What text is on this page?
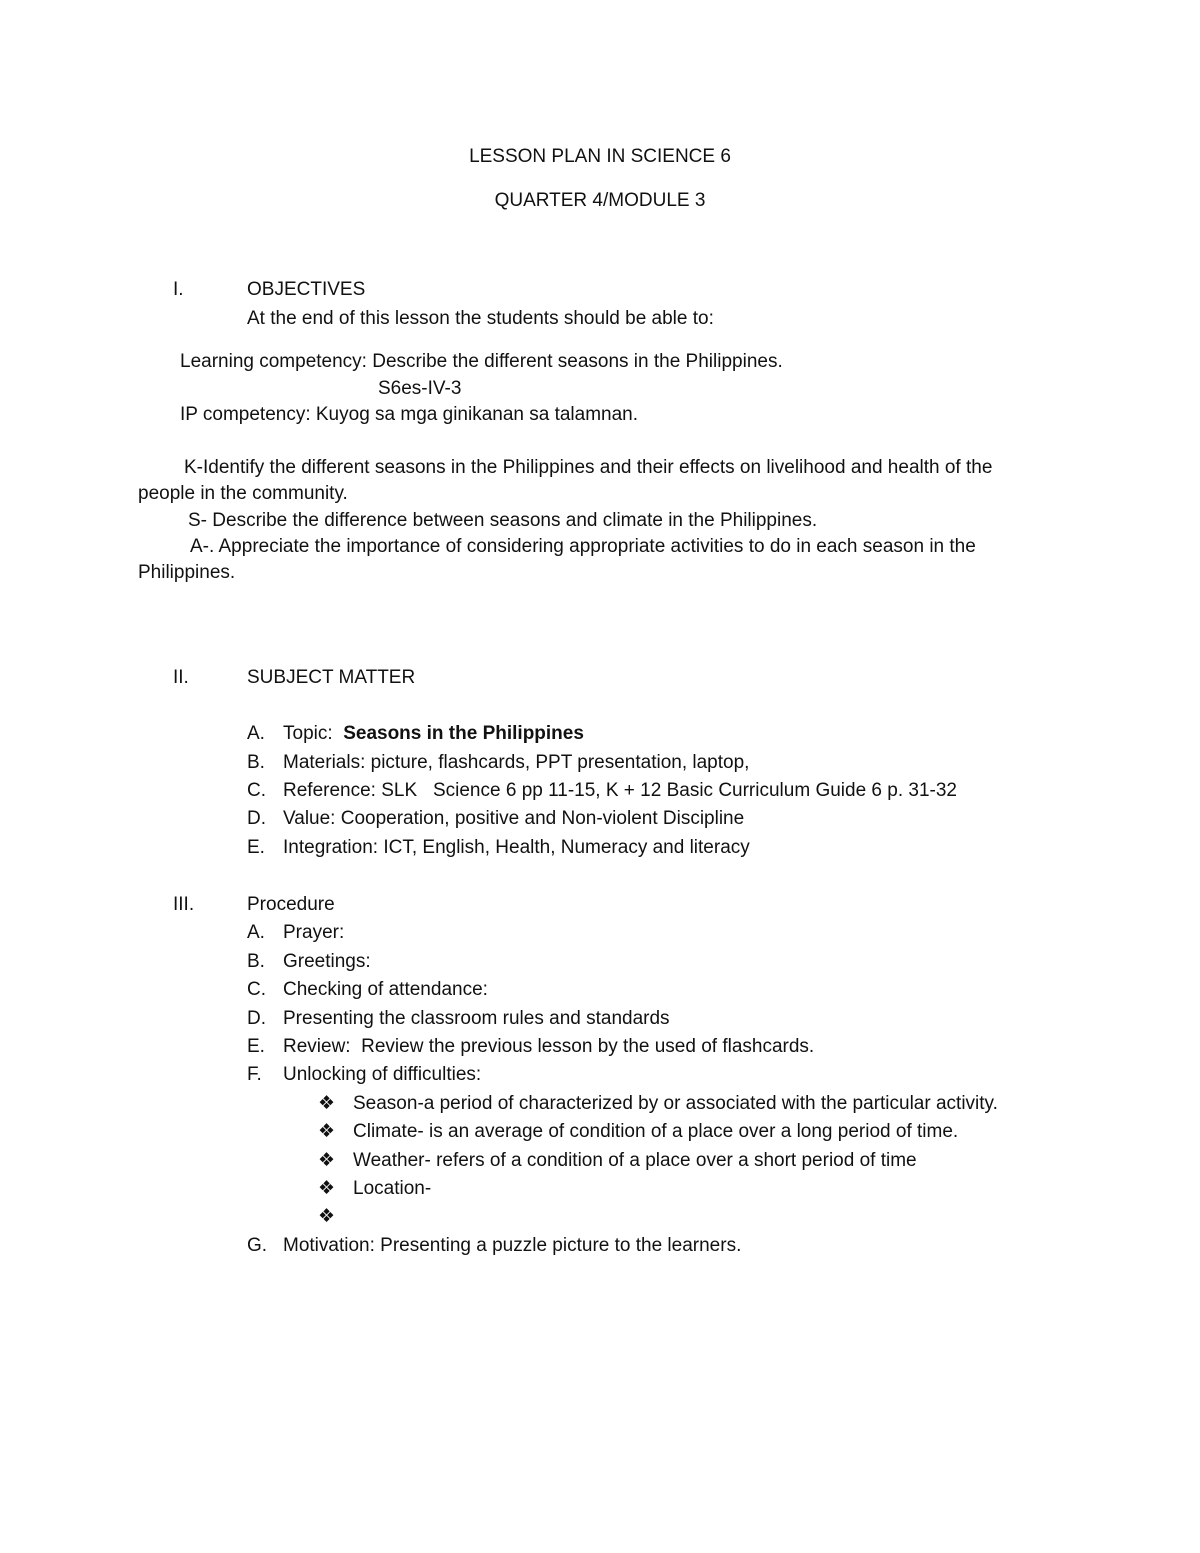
LESSON PLAN IN SCIENCE 6
QUARTER 4/MODULE 3
I.	OBJECTIVES
At the end of this lesson the students should be able to:
Learning competency: Describe the different seasons in the Philippines.
S6es-IV-3
IP competency: Kuyog sa mga ginikanan sa talamnan.
K-Identify the different seasons in the Philippines and their effects on livelihood and health of the
people in the community.
S- Describe the difference between seasons and climate in the Philippines.
A-. Appreciate the importance of considering appropriate activities to do in each season in the
Philippines.
II.	SUBJECT MATTER
A. Topic:  Seasons in the Philippines
B. Materials: picture, flashcards, PPT presentation, laptop,
C. Reference: SLK   Science 6 pp 11-15, K + 12 Basic Curriculum Guide 6 p. 31-32
D. Value: Cooperation, positive and Non-violent Discipline
E. Integration: ICT, English, Health, Numeracy and literacy
III.	Procedure
A. Prayer:
B. Greetings:
C. Checking of attendance:
D. Presenting the classroom rules and standards
E. Review:  Review the previous lesson by the used of flashcards.
F. Unlocking of difficulties:
❖ Season-a period of characterized by or associated with the particular activity.
❖ Climate- is an average of condition of a place over a long period of time.
❖ Weather- refers of a condition of a place over a short period of time
❖ Location-
❖
G. Motivation: Presenting a puzzle picture to the learners.
